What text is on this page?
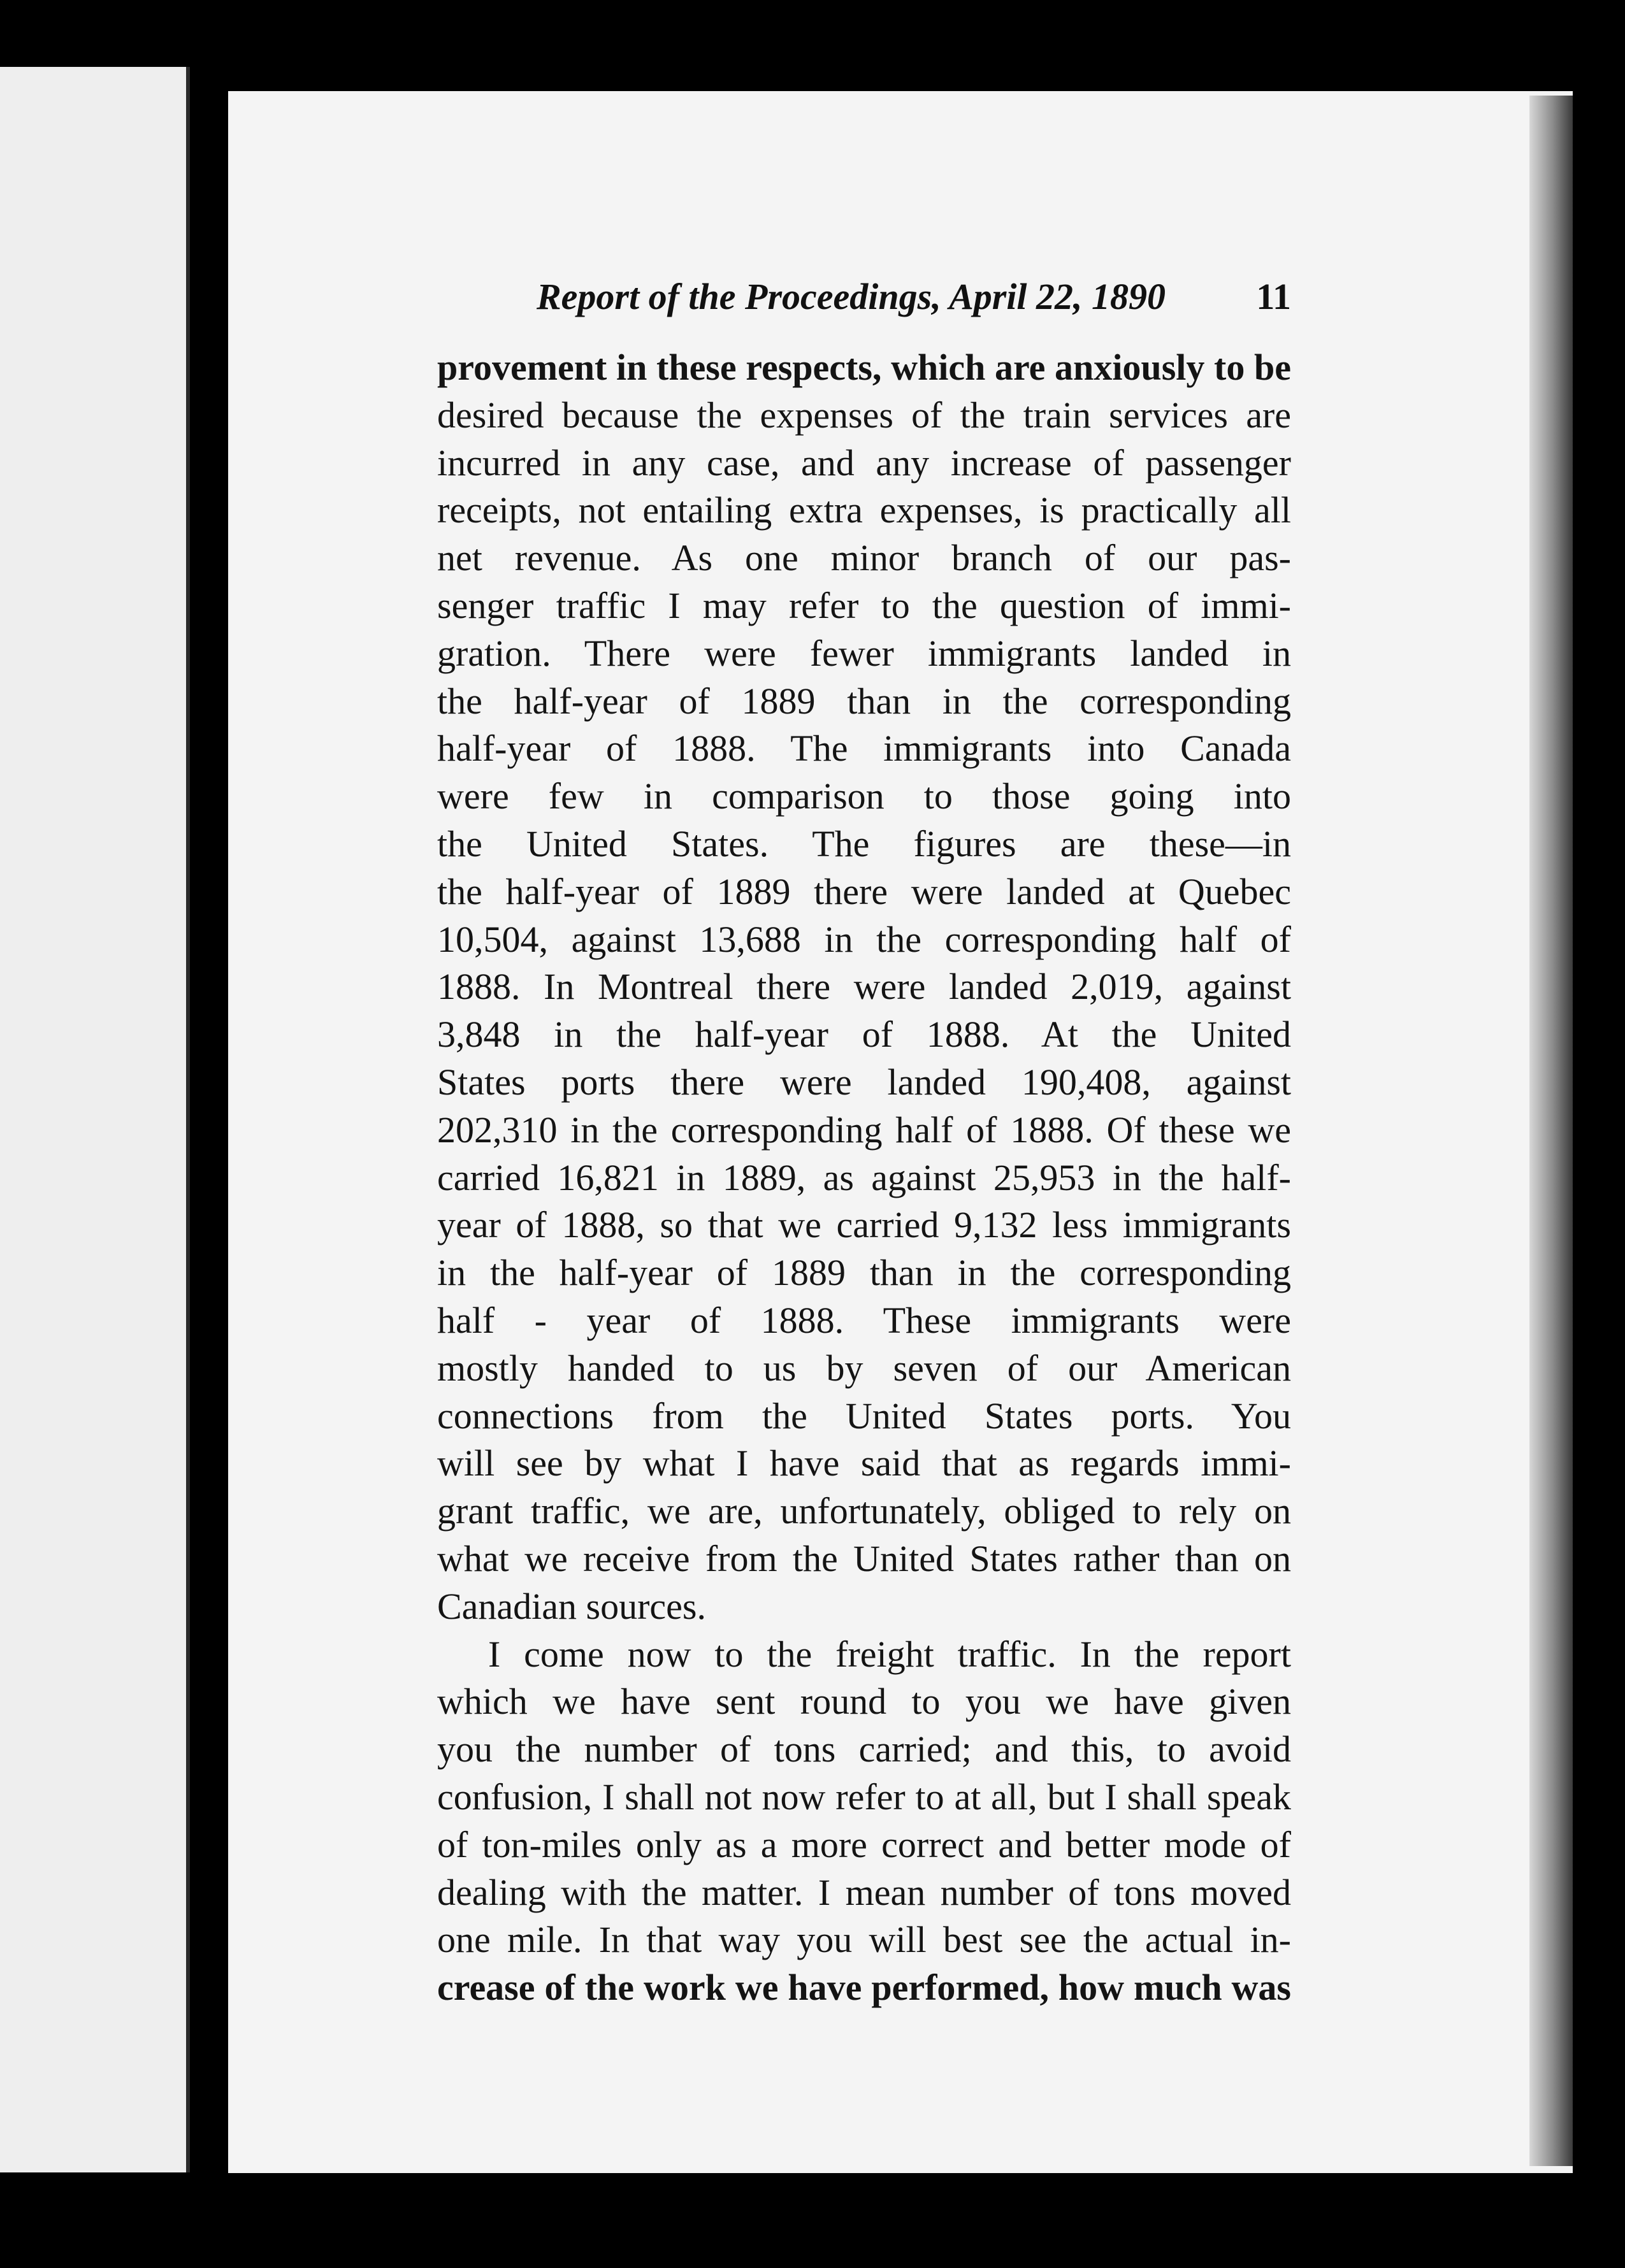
Report of the Proceedings, April 22, 1890 11
provement in these respects, which are anxiously to be
desired because the expenses of the train services are
incurred in any case, and any increase of passenger
receipts, not entailing extra expenses, is practically all
net revenue. As one minor branch of our pas-
senger traffic I may refer to the question of immi-
gration. There were fewer immigrants landed in
the half-year of 1889 than in the corresponding
half-year of 1888. The immigrants into Canada
were few in comparison to those going into
the United States. The figures are these—in
the half-year of 1889 there were landed at Quebec
10,504, against 13,688 in the corresponding half of
1888. In Montreal there were landed 2,019, against
3,848 in the half-year of 1888. At the United
States ports there were landed 190,408, against
202,310 in the corresponding half of 1888. Of these we
carried 16,821 in 1889, as against 25,953 in the half-
year of 1888, so that we carried 9,132 less immigrants
in the half-year of 1889 than in the corresponding
half - year of 1888. These immigrants were
mostly handed to us by seven of our American
connections from the United States ports. You
will see by what I have said that as regards immi-
grant traffic, we are, unfortunately, obliged to rely on
what we receive from the United States rather than on
Canadian sources.
I come now to the freight traffic. In the report
which we have sent round to you we have given
you the number of tons carried; and this, to avoid
confusion, I shall not now refer to at all, but I shall speak
of ton-miles only as a more correct and better mode of
dealing with the matter. I mean number of tons moved
one mile. In that way you will best see the actual in-
crease of the work we have performed, how much was
